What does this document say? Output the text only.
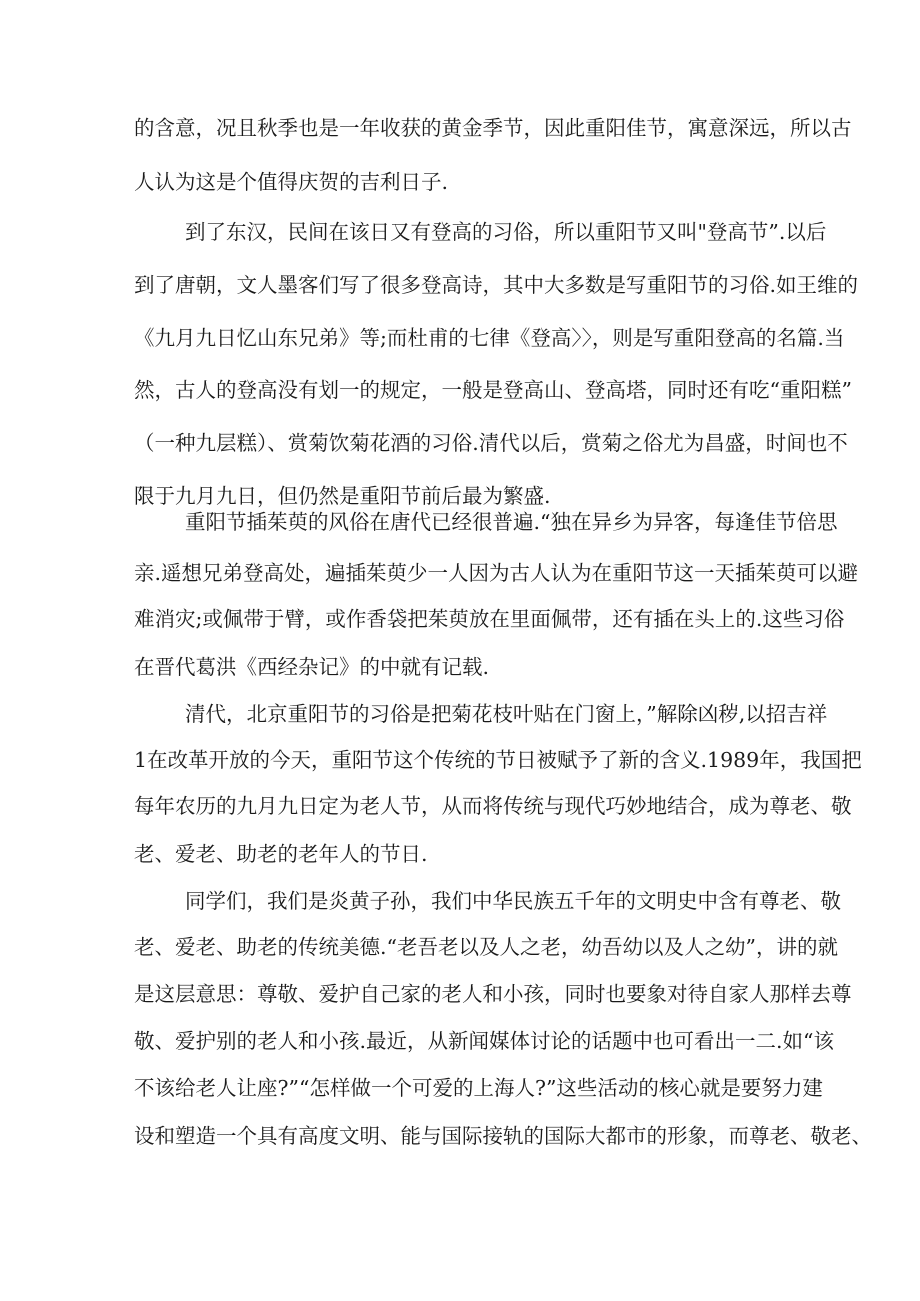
的含意，况且秋季也是一年收获的黄金季节，因此重阳佳节，寓意深远，所以古
人认为这是个值得庆贺的吉利日子.
到了东汉，民间在该日又有登高的习俗，所以重阳节又叫"登高节”.以后
到了唐朝，文人墨客们写了很多登高诗，其中大多数是写重阳节的习俗.如王维的
《九月九日忆山东兄弟》等;而杜甫的七律《登高〉〉，则是写重阳登高的名篇.当
然，古人的登高没有划一的规定，一般是登高山、登高塔，同时还有吃“重阳糕”
（一种九层糕）、赏菊饮菊花酒的习俗.清代以后，赏菊之俗尤为昌盛，时间也不
限于九月九日，但仍然是重阳节前后最为繁盛.
重阳节插茱萸的风俗在唐代已经很普遍.“独在异乡为异客，每逢佳节倍思
亲.遥想兄弟登高处，遍插茱萸少一人因为古人认为在重阳节这一天插茱萸可以避
难消灾;或佩带于臂，或作香袋把茱萸放在里面佩带，还有插在头上的.这些习俗
在晋代葛洪《西经杂记》的中就有记载.
清代，北京重阳节的习俗是把菊花枝叶贴在门窗上，”解除凶秽,以招吉祥
1在改革开放的今天，重阳节这个传统的节日被赋予了新的含义.1989年，我国把
每年农历的九月九日定为老人节，从而将传统与现代巧妙地结合，成为尊老、敬
老、爱老、助老的老年人的节日.
同学们，我们是炎黄子孙，我们中华民族五千年的文明史中含有尊老、敬
老、爱老、助老的传统美德.“老吾老以及人之老，幼吾幼以及人之幼”，讲的就
是这层意思：尊敬、爱护自己家的老人和小孩，同时也要象对待自家人那样去尊
敬、爱护别的老人和小孩.最近，从新闻媒体讨论的话题中也可看出一二.如“该
不该给老人让座?”“怎样做一个可爱的上海人?”这些活动的核心就是要努力建
设和塑造一个具有高度文明、能与国际接轨的国际大都市的形象，而尊老、敬老、
